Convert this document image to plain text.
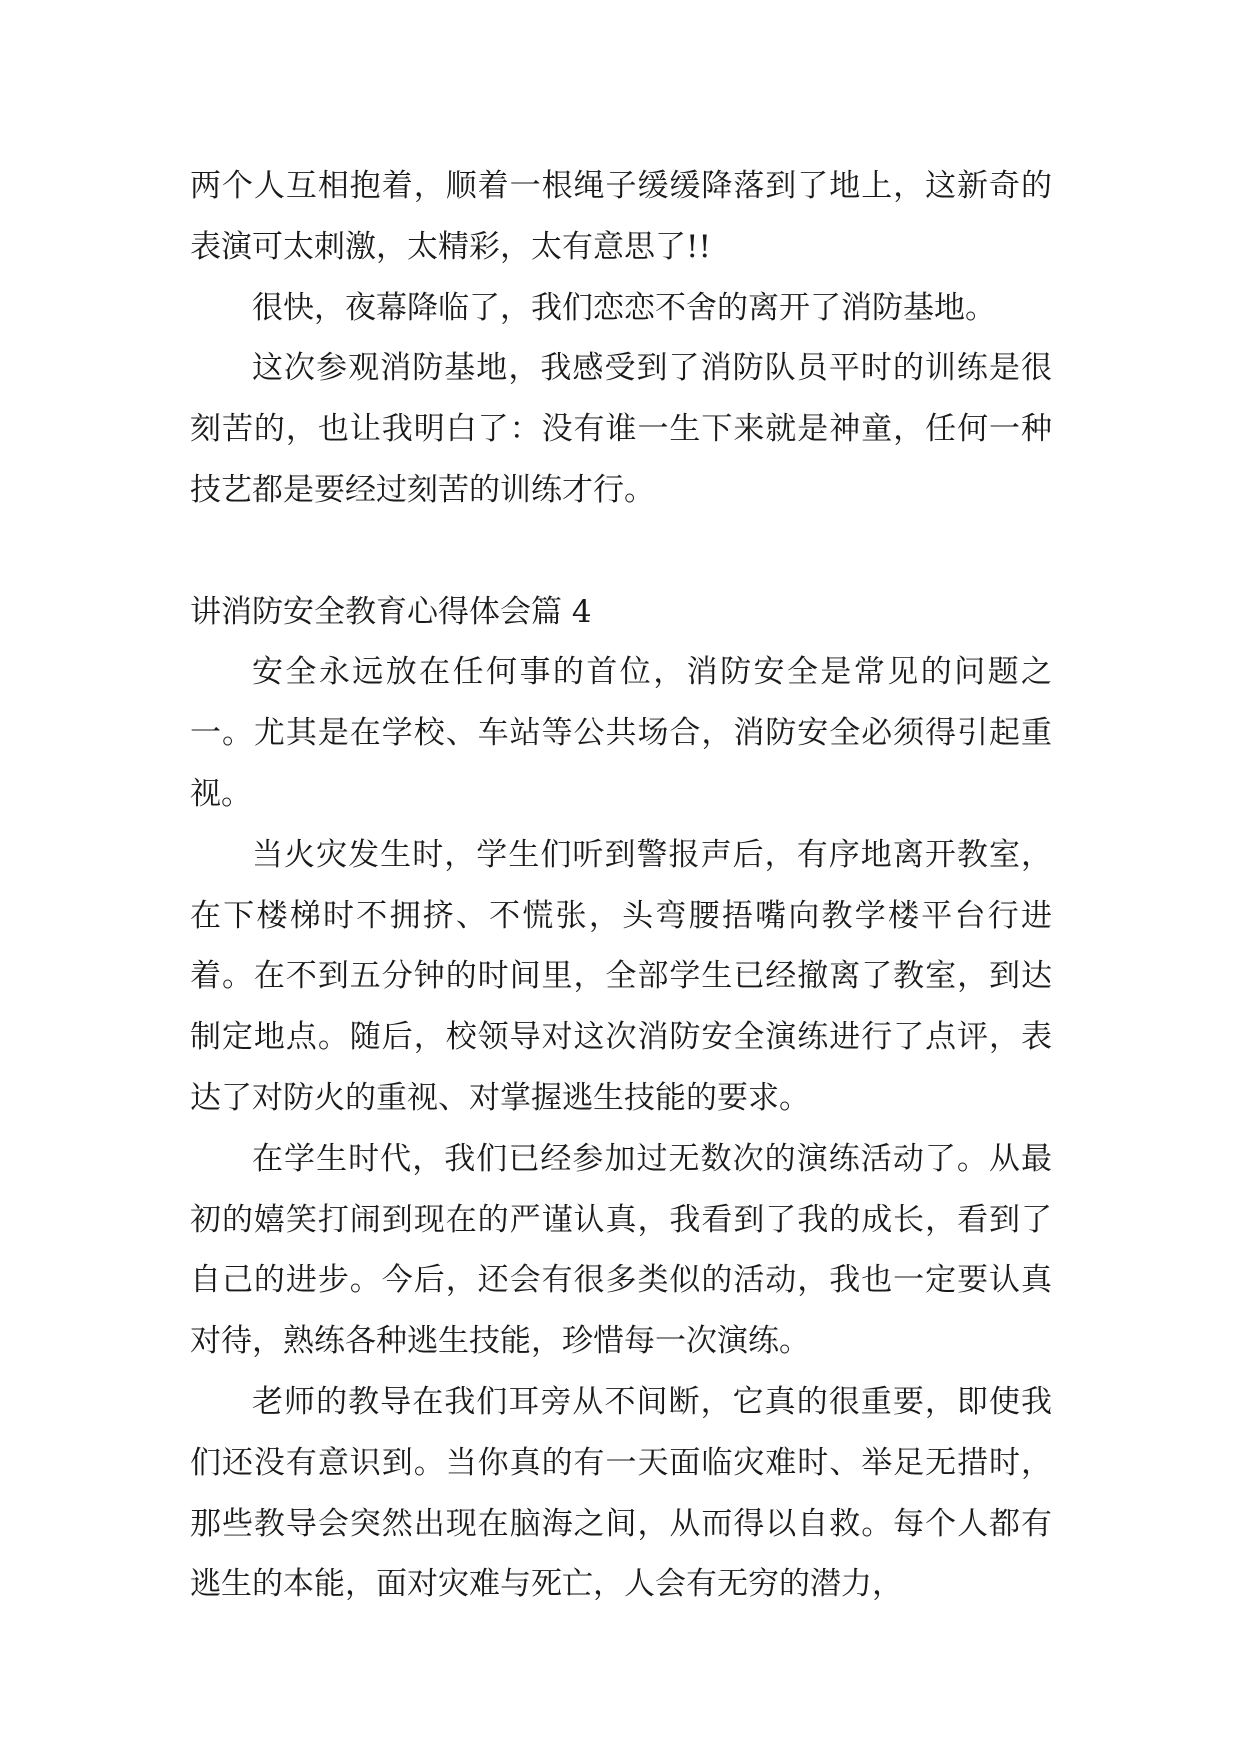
两个人互相抱着，顺着一根绳子缓缓降落到了地上，这新奇的表演可太刺激，太精彩，太有意思了!!

很快，夜幕降临了，我们恋恋不舍的离开了消防基地。

这次参观消防基地，我感受到了消防队员平时的训练是很刻苦的，也让我明白了：没有谁一生下来就是神童，任何一种技艺都是要经过刻苦的训练才行。

讲消防安全教育心得体会篇 4

安全永远放在任何事的首位，消防安全是常见的问题之一。尤其是在学校、车站等公共场合，消防安全必须得引起重视。

当火灾发生时，学生们听到警报声后，有序地离开教室，在下楼梯时不拥挤、不慌张，头弯腰捂嘴向教学楼平台行进着。在不到五分钟的时间里，全部学生已经撤离了教室，到达制定地点。随后，校领导对这次消防安全演练进行了点评，表达了对防火的重视、对掌握逃生技能的要求。

在学生时代，我们已经参加过无数次的演练活动了。从最初的嬉笑打闹到现在的严谨认真，我看到了我的成长，看到了自己的进步。今后，还会有很多类似的活动，我也一定要认真对待，熟练各种逃生技能，珍惜每一次演练。

老师的教导在我们耳旁从不间断，它真的很重要，即使我们还没有意识到。当你真的有一天面临灾难时、举足无措时，那些教导会突然出现在脑海之间，从而得以自救。每个人都有逃生的本能，面对灾难与死亡，人会有无穷的潜力，
